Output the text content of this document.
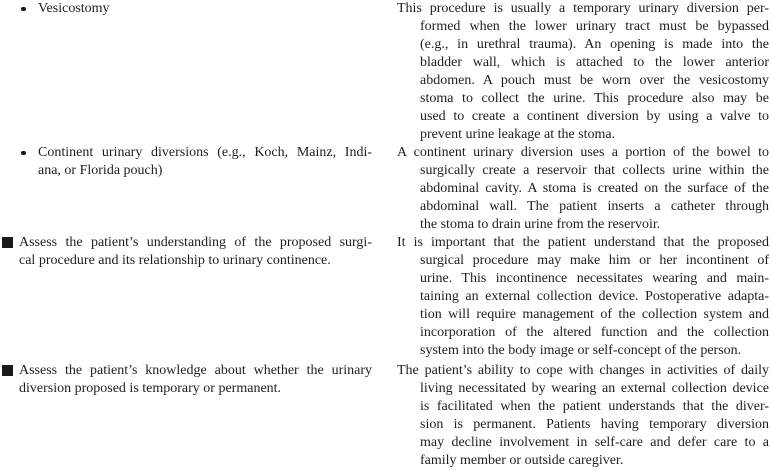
Vesicostomy	This procedure is usually a temporary urinary diversion per-
formed when the lower urinary tract must be bypassed
(e.g., in urethral trauma). An opening is made into the
bladder wall, which is attached to the lower anterior
abdomen. A pouch must be worn over the vesicostomy
stoma to collect the urine. This procedure also may be
used to create a continent diversion by using a valve to
prevent urine leakage at the stoma.
Continent urinary diversions (e.g., Koch, Mainz, Indi-
ana, or Florida pouch)
A continent urinary diversion uses a portion of the bowel to
surgically create a reservoir that collects urine within the
abdominal cavity. A stoma is created on the surface of the
abdominal wall. The patient inserts a catheter through
the stoma to drain urine from the reservoir.
Assess the patient’s understanding of the proposed surgi-
cal procedure and its relationship to urinary continence.
It is important that the patient understand that the proposed
surgical procedure may make him or her incontinent of
urine. This incontinence necessitates wearing and main-
taining an external collection device. Postoperative adapta-
tion will require management of the collection system and
incorporation of the altered function and the collection
system into the body image or self-concept of the person.
Assess the patient’s knowledge about whether the urinary
diversion proposed is temporary or permanent.
The patient’s ability to cope with changes in activities of daily
living necessitated by wearing an external collection device
is facilitated when the patient understands that the diver-
sion is permanent. Patients having temporary diversion
may decline involvement in self-care and defer care to a
family member or outside caregiver.
